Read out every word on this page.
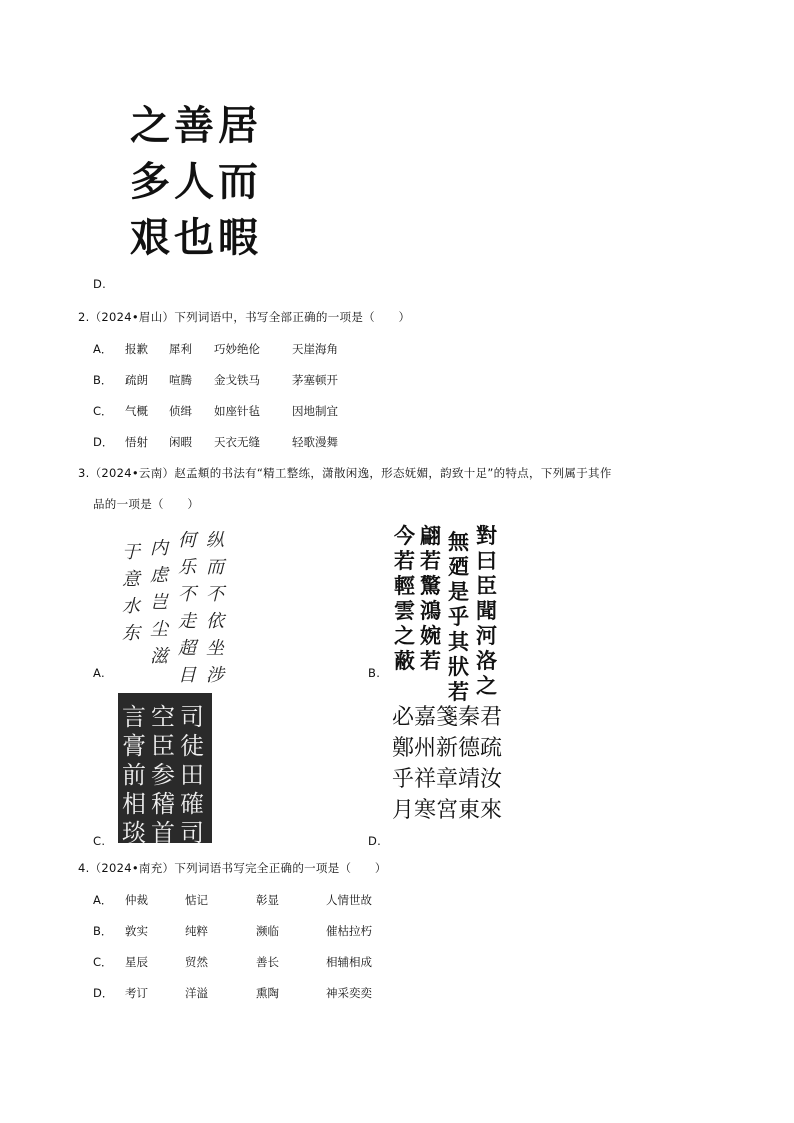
居
而
暇
善
人
也
之
多
艰
D.
2.（2024•眉山）下列词语中，书写全部正确的一项是（　　）
A． 报歉 犀利 巧妙绝伦	天崖海角
B． 疏朗 喧腾 金戈铁马	茅塞顿开
C． 气概 侦缉 如座针毡	因地制宜
D． 悟射 闲暇 天衣无缝	轻歌漫舞
3.（2024•云南）赵孟頫的书法有“精工整练，潇散闲逸，形态妩媚，韵致十足”的特点，下列属于其作
品的一项是（　　）
纵
而
不
依
坐
涉
何
乐
不
走
超
目
内
虑
岂
尘
滋
于
意
水
东
A.
對
曰
臣
聞
河
洛
之
無
廼
是
乎
其
狀
若
翩
若
驚
鴻
婉
若
今
若
輕
雲
之
蔽
B.
司
徒
田
確
司
空
臣
参
稽
首
言
膏
前
相
琰
C.
君
疏
汝
來
秦
德
靖
東
箋
新
章
宮
嘉
州
祥
寒
必
鄭
乎
月
D.
4.（2024•南充）下列词语书写完全正确的一项是（　　）
A． 仲裁	惦记	彰显	人情世故
B． 敦实	纯粹	濒临	催枯拉朽
C． 星辰	贸然	善长	相辅相成
D． 考订	洋溢	熏陶	神采奕奕
